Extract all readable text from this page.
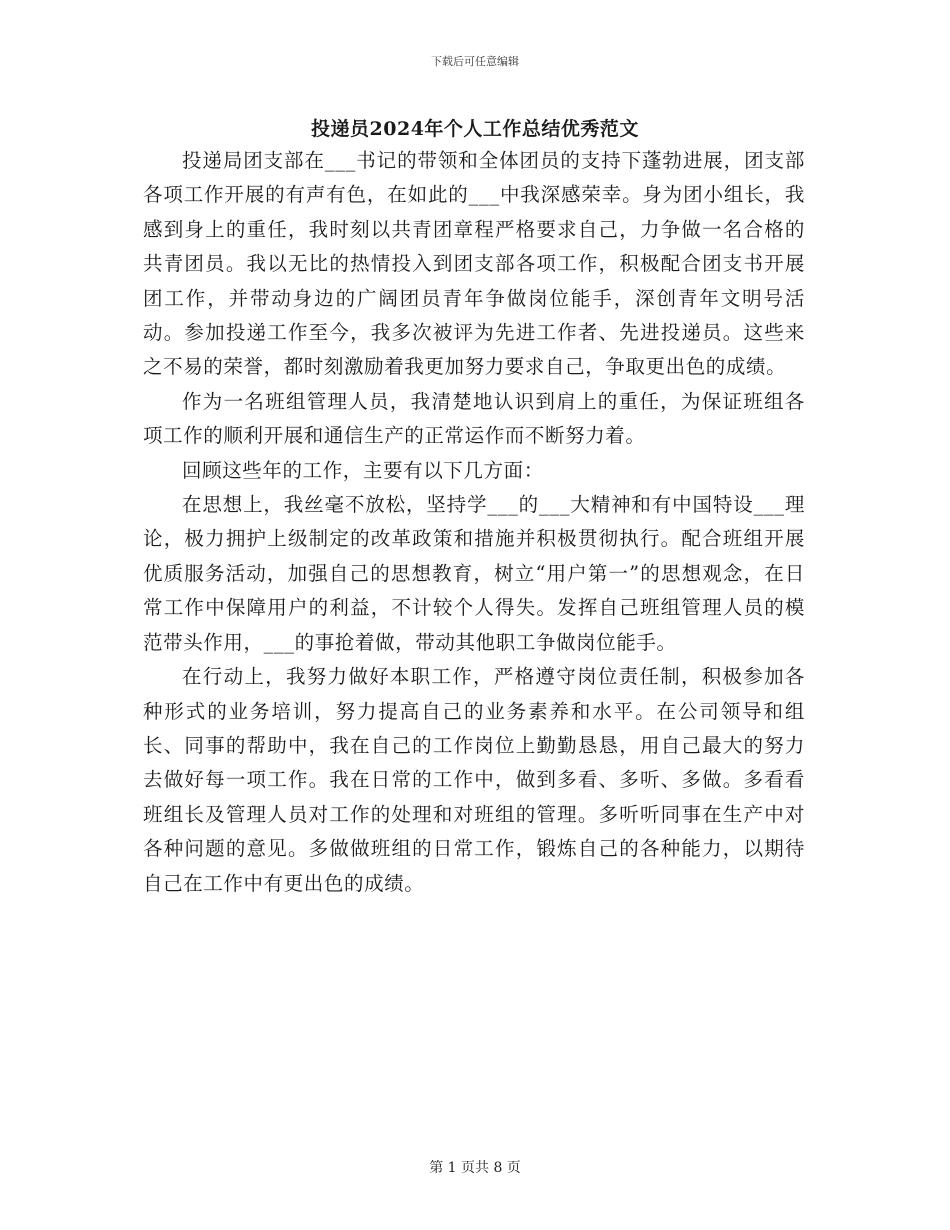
下载后可任意编辑
投递员2024年个人工作总结优秀范文

投递局团支部在___书记的带领和全体团员的支持下蓬勃进展，团支部各项工作开展的有声有色，在如此的___中我深感荣幸。身为团小组长，我感到身上的重任，我时刻以共青团章程严格要求自己，力争做一名合格的共青团员。我以无比的热情投入到团支部各项工作，积极配合团支书开展团工作，并带动身边的广阔团员青年争做岗位能手，深创青年文明号活动。参加投递工作至今，我多次被评为先进工作者、先进投递员。这些来之不易的荣誉，都时刻激励着我更加努力要求自己，争取更出色的成绩。

作为一名班组管理人员，我清楚地认识到肩上的重任，为保证班组各项工作的顺利开展和通信生产的正常运作而不断努力着。

回顾这些年的工作，主要有以下几方面：

在思想上，我丝毫不放松，坚持学___的___大精神和有中国特设___理论，极力拥护上级制定的改革政策和措施并积极贯彻执行。配合班组开展优质服务活动，加强自己的思想教育，树立“用户第一”的思想观念，在日常工作中保障用户的利益，不计较个人得失。发挥自己班组管理人员的模范带头作用，___的事抢着做，带动其他职工争做岗位能手。

在行动上，我努力做好本职工作，严格遵守岗位责任制，积极参加各种形式的业务培训，努力提高自己的业务素养和水平。在公司领导和组长、同事的帮助中，我在自己的工作岗位上勤勤恳恳，用自己最大的努力去做好每一项工作。我在日常的工作中，做到多看、多听、多做。多看看班组长及管理人员对工作的处理和对班组的管理。多听听同事在生产中对各种问题的意见。多做做班组的日常工作，锻炼自己的各种能力，以期待自己在工作中有更出色的成绩。

第 1 页共 8 页
